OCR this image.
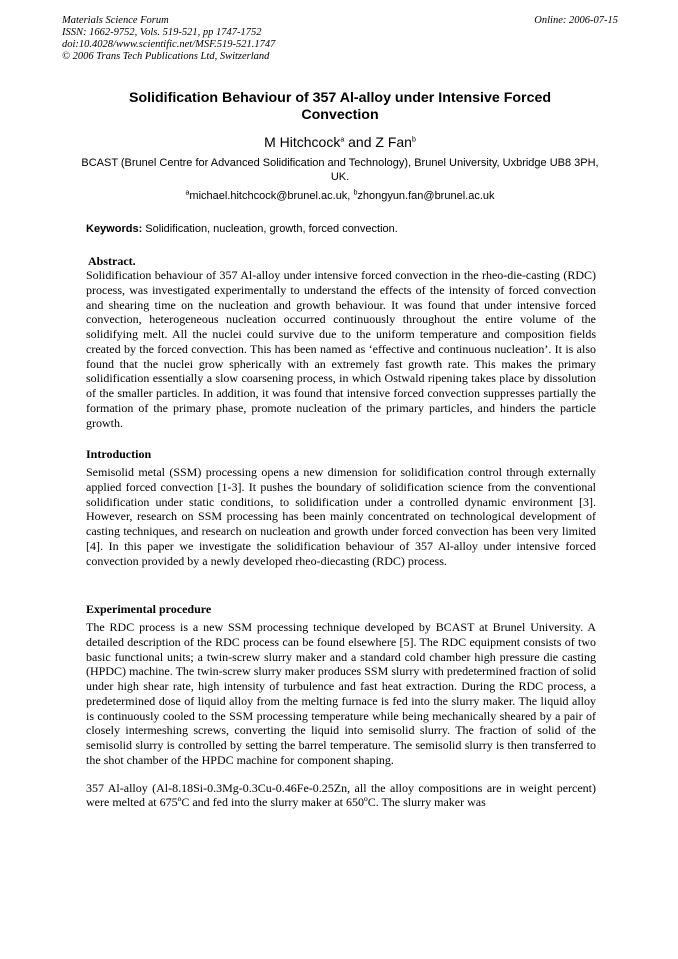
Materials Science Forum
ISSN: 1662-9752, Vols. 519-521, pp 1747-1752
doi:10.4028/www.scientific.net/MSF.519-521.1747
© 2006 Trans Tech Publications Ltd, Switzerland
Online: 2006-07-15
Solidification Behaviour of 357 Al-alloy under Intensive Forced Convection
M Hitchcock$^a$ and Z Fan$^b$
BCAST (Brunel Centre for Advanced Solidification and Technology), Brunel University, Uxbridge UB8 3PH, UK.
$^a$michael.hitchcock@brunel.ac.uk, $^b$zhongyun.fan@brunel.ac.uk
Keywords: Solidification, nucleation, growth, forced convection.
Abstract.

Solidification behaviour of 357 Al-alloy under intensive forced convection in the rheo-die-casting (RDC) process, was investigated experimentally to understand the effects of the intensity of forced convection and shearing time on the nucleation and growth behaviour. It was found that under intensive forced convection, heterogeneous nucleation occurred continuously throughout the entire volume of the solidifying melt. All the nuclei could survive due to the uniform temperature and composition fields created by the forced convection. This has been named as ‘effective and continuous nucleation’. It is also found that the nuclei grow spherically with an extremely fast growth rate. This makes the primary solidification essentially a slow coarsening process, in which Ostwald ripening takes place by dissolution of the smaller particles. In addition, it was found that intensive forced convection suppresses partially the formation of the primary phase, promote nucleation of the primary particles, and hinders the particle growth.

Introduction

Semisolid metal (SSM) processing opens a new dimension for solidification control through externally applied forced convection [1-3]. It pushes the boundary of solidification science from the conventional solidification under static conditions, to solidification under a controlled dynamic environment [3]. However, research on SSM processing has been mainly concentrated on technological development of casting techniques, and research on nucleation and growth under forced convection has been very limited [4]. In this paper we investigate the solidification behaviour of 357 Al-alloy under intensive forced convection provided by a newly developed rheo-diecasting (RDC) process.

Experimental procedure

The RDC process is a new SSM processing technique developed by BCAST at Brunel University. A detailed description of the RDC process can be found elsewhere [5]. The RDC equipment consists of two basic functional units; a twin-screw slurry maker and a standard cold chamber high pressure die casting (HPDC) machine. The twin-screw slurry maker produces SSM slurry with predetermined fraction of solid under high shear rate, high intensity of turbulence and fast heat extraction. During the RDC process, a predetermined dose of liquid alloy from the melting furnace is fed into the slurry maker. The liquid alloy is continuously cooled to the SSM processing temperature while being mechanically sheared by a pair of closely intermeshing screws, converting the liquid into semisolid slurry. The fraction of solid of the semisolid slurry is controlled by setting the barrel temperature. The semisolid slurry is then transferred to the shot chamber of the HPDC machine for component shaping.

357 Al-alloy (Al-8.18Si-0.3Mg-0.3Cu-0.46Fe-0.25Zn, all the alloy compositions are in weight percent) were melted at 675ºC and fed into the slurry maker at 650ºC. The slurry maker was
